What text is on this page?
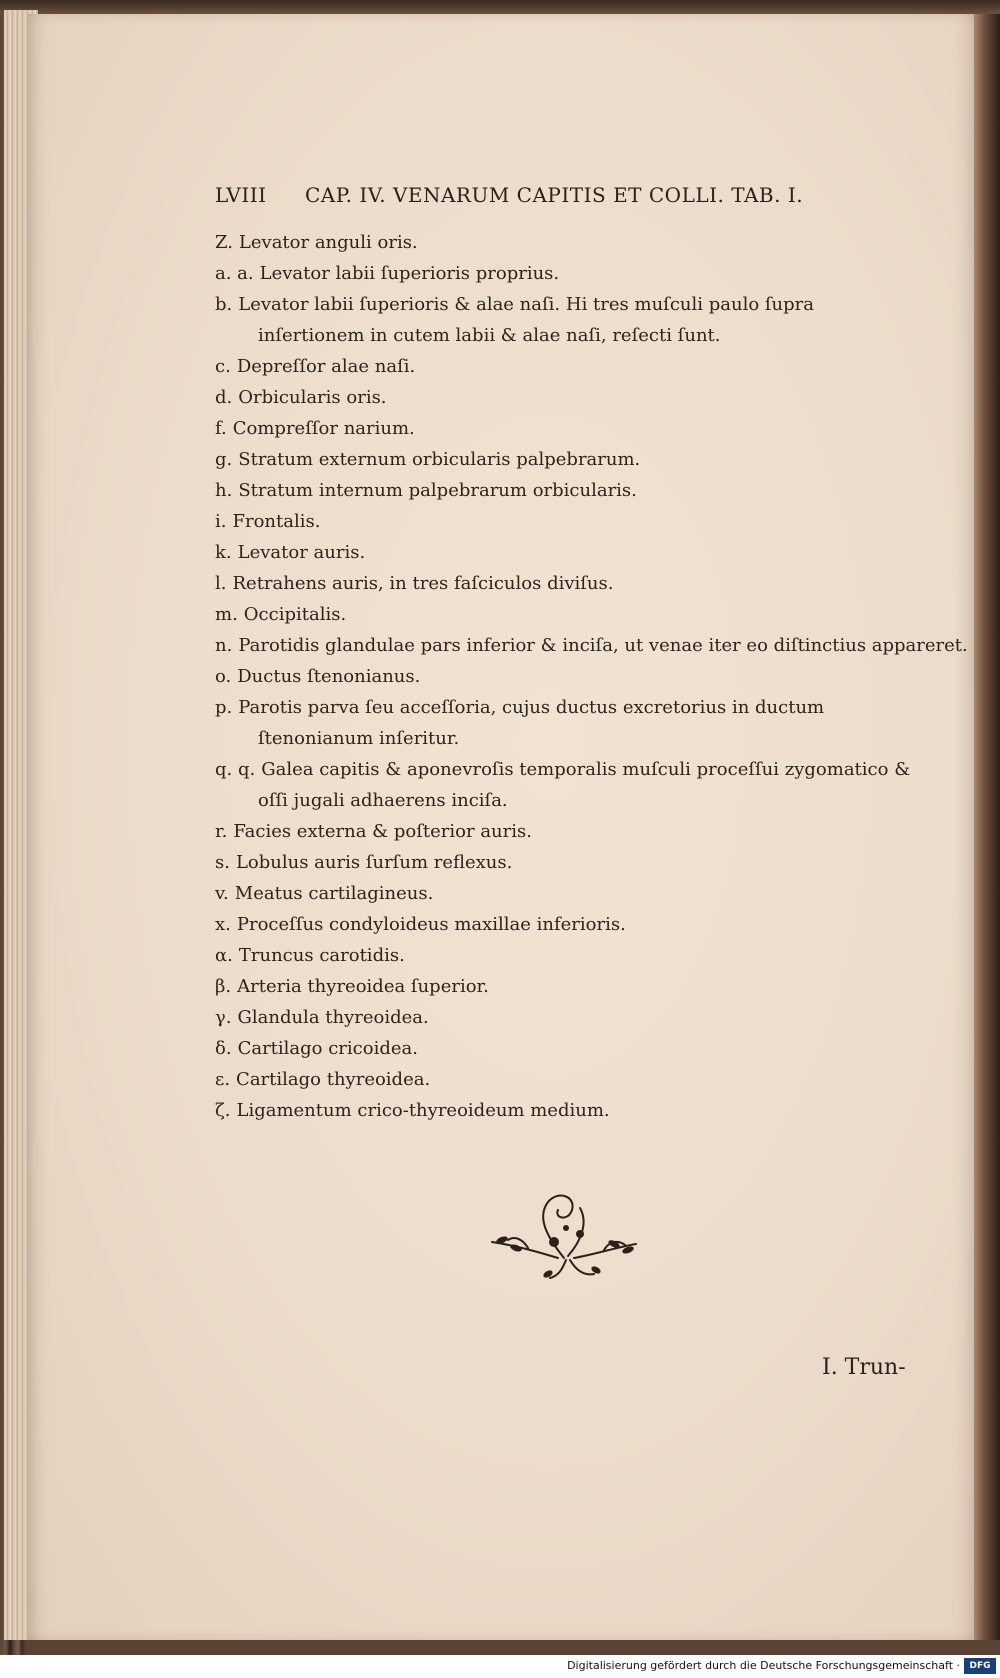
LVIII	CAP. IV. VENARUM CAPITIS ET COLLI. TAB. I.
Z. Levator anguli oris.
a. a. Levator labii ſuperioris proprius.
b. Levator labii ſuperioris & alae naſi. Hi tres muſculi paulo ſupra inſertionem in cutem labii & alae naſi, reſecti ſunt.
c. Depreſſor alae naſi.
d. Orbicularis oris.
f. Compreſſor narium.
g. Stratum externum orbicularis palpebrarum.
h. Stratum internum palpebrarum orbicularis.
i. Frontalis.
k. Levator auris.
l. Retrahens auris, in tres faſciculos diviſus.
m. Occipitalis.
n. Parotidis glandulae pars inferior & inciſa, ut venae iter eo diſtinctius appareret.
o. Ductus ſtenonianus.
p. Parotis parva ſeu acceſſoria, cujus ductus excretorius in ductum ſtenonianum inſeritur.
q. q. Galea capitis & aponevroſis temporalis muſculi proceſſui zygomatico & oſſi jugali adhaerens inciſa.
r. Facies externa & poſterior auris.
s. Lobulus auris ſurſum reflexus.
v. Meatus cartilagineus.
x. Proceſſus condyloideus maxillae inferioris.
α. Truncus carotidis.
β. Arteria thyreoidea ſuperior.
γ. Glandula thyreoidea.
δ. Cartilago cricoidea.
ε. Cartilago thyreoidea.
ζ. Ligamentum crico-thyreoideum medium.
I. Trun-
Digitalisierung gefördert durch die Deutsche Forschungsgemeinschaft ·	DFG
